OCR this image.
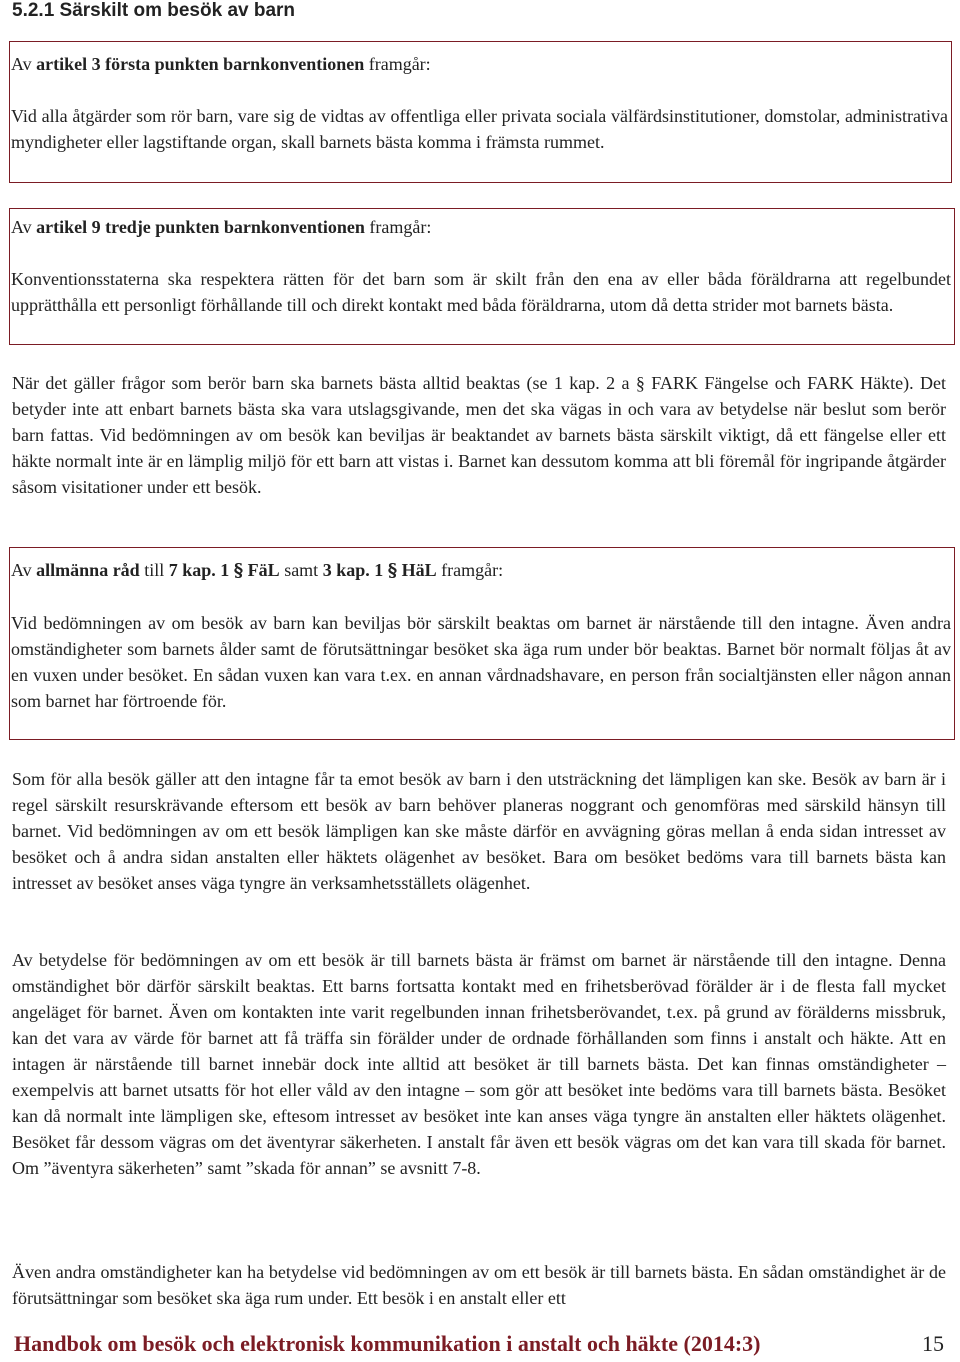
5.2.1 Särskilt om besök av barn
Av artikel 3 första punkten barnkonventionen framgår:
Vid alla åtgärder som rör barn, vare sig de vidtas av offentliga eller privata sociala välfärdsinstitutioner, domstolar, administrativa myndigheter eller lagstiftande organ, skall barnets bästa komma i främsta rummet.
Av artikel 9 tredje punkten barnkonventionen framgår:
Konventionsstaterna ska respektera rätten för det barn som är skilt från den ena av eller båda föräldrarna att regelbundet upprätthålla ett personligt förhållande till och direkt kontakt med båda föräldrarna, utom då detta strider mot barnets bästa.
När det gäller frågor som berör barn ska barnets bästa alltid beaktas (se 1 kap. 2 a § FARK Fängelse och FARK Häkte). Det betyder inte att enbart barnets bästa ska vara utslagsgivande, men det ska vägas in och vara av betydelse när beslut som berör barn fattas. Vid bedömningen av om besök kan beviljas är beaktandet av barnets bästa särskilt viktigt, då ett fängelse eller ett häkte normalt inte är en lämplig miljö för ett barn att vistas i. Barnet kan dessutom komma att bli föremål för ingripande åtgärder såsom visitationer under ett besök.
Av allmänna råd till 7 kap. 1 § FäL samt 3 kap. 1 § HäL framgår:
Vid bedömningen av om besök av barn kan beviljas bör särskilt beaktas om barnet är närstående till den intagne. Även andra omständigheter som barnets ålder samt de förutsättningar besöket ska äga rum under bör beaktas. Barnet bör normalt följas åt av en vuxen under besöket. En sådan vuxen kan vara t.ex. en annan vårdnadshavare, en person från socialtjänsten eller någon annan som barnet har förtroende för.
Som för alla besök gäller att den intagne får ta emot besök av barn i den utsträckning det lämpligen kan ske. Besök av barn är i regel särskilt resurskrävande eftersom ett besök av barn behöver planeras noggrant och genomföras med särskild hänsyn till barnet. Vid bedömningen av om ett besök lämpligen kan ske måste därför en avvägning göras mellan å enda sidan intresset av besöket och å andra sidan anstalten eller häktets olägenhet av besöket. Bara om besöket bedöms vara till barnets bästa kan intresset av besöket anses väga tyngre än verksamhetsställets olägenhet.
Av betydelse för bedömningen av om ett besök är till barnets bästa är främst om barnet är närstående till den intagne. Denna omständighet bör därför särskilt beaktas. Ett barns fortsatta kontakt med en frihetsberövad förälder är i de flesta fall mycket angeläget för barnet. Även om kontakten inte varit regelbunden innan frihetsberövandet, t.ex. på grund av förälderns missbruk, kan det vara av värde för barnet att få träffa sin förälder under de ordnade förhållanden som finns i anstalt och häkte. Att en intagen är närstående till barnet innebär dock inte alltid att besöket är till barnets bästa. Det kan finnas omständigheter – exempelvis att barnet utsatts för hot eller våld av den intagne – som gör att besöket inte bedöms vara till barnets bästa. Besöket kan då normalt inte lämpligen ske, eftesom intresset av besöket inte kan anses väga tyngre än anstalten eller häktets olägenhet. Besöket får dessom vägras om det äventyrar säkerheten. I anstalt får även ett besök vägras om det kan vara till skada för barnet. Om ”äventyra säkerheten” samt ”skada för annan” se avsnitt 7-8.
Även andra omständigheter kan ha betydelse vid bedömningen av om ett besök är till barnets bästa. En sådan omständighet är de förutsättningar som besöket ska äga rum under. Ett besök i en anstalt eller ett
Handbok om besök och elektronisk kommunikation i anstalt och häkte (2014:3)	15
